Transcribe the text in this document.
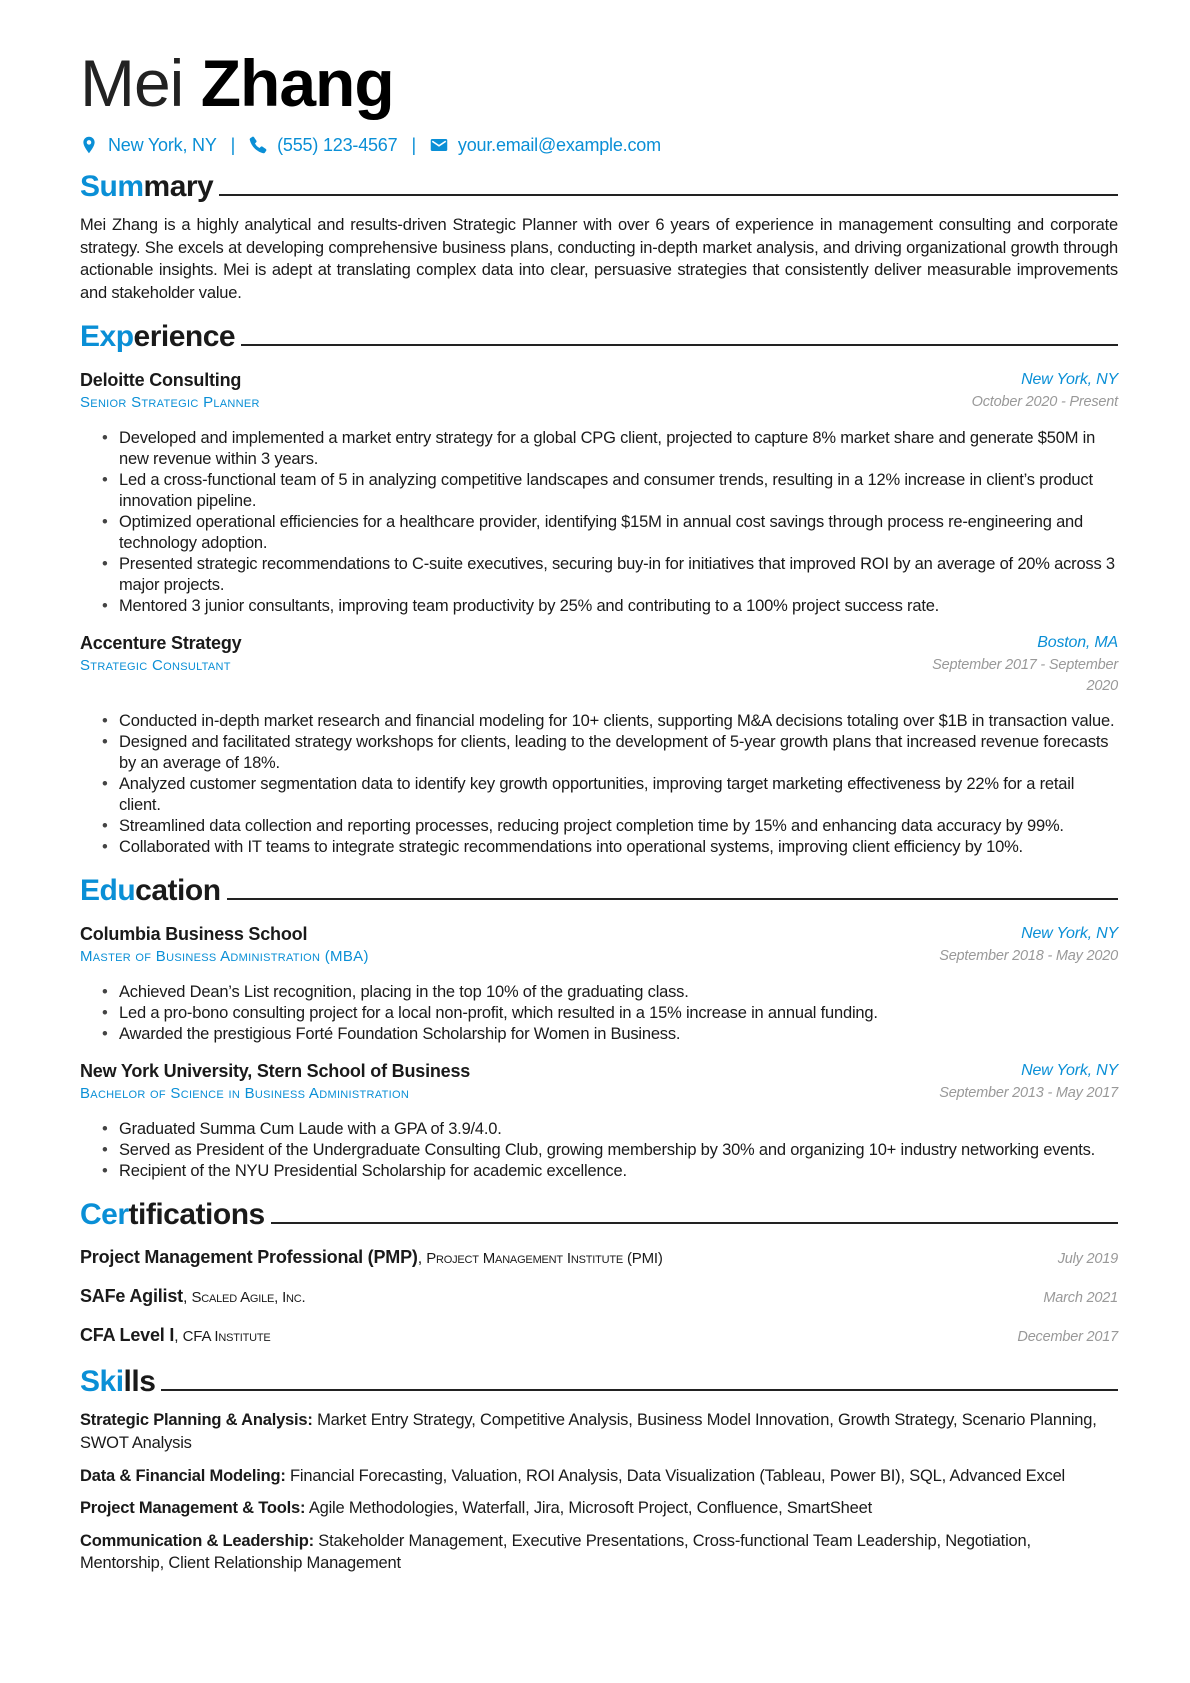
Mei Zhang
New York, NY | (555) 123-4567 | your.email@example.com
Summary

Mei Zhang is a highly analytical and results-driven Strategic Planner with over 6 years of experience in management consulting and corporate strategy. She excels at developing comprehensive business plans, conducting in-depth market analysis, and driving organizational growth through actionable insights. Mei is adept at translating complex data into clear, persuasive strategies that consistently deliver measurable improvements and stakeholder value.

Experience
Deloitte Consulting	New York, NY
Senior Strategic Planner	October 2020 - Present
• Developed and implemented a market entry strategy for a global CPG client, projected to capture 8% market share and generate $50M in new revenue within 3 years.
• Led a cross-functional team of 5 in analyzing competitive landscapes and consumer trends, resulting in a 12% increase in client’s product innovation pipeline.
• Optimized operational efficiencies for a healthcare provider, identifying $15M in annual cost savings through process re-engineering and technology adoption.
• Presented strategic recommendations to C-suite executives, securing buy-in for initiatives that improved ROI by an average of 20% across 3 major projects.
• Mentored 3 junior consultants, improving team productivity by 25% and contributing to a 100% project success rate.
Accenture Strategy	Boston, MA
Strategic Consultant	September 2017 - September 2020
• Conducted in-depth market research and financial modeling for 10+ clients, supporting M&A decisions totaling over $1B in transaction value.
• Designed and facilitated strategy workshops for clients, leading to the development of 5-year growth plans that increased revenue forecasts by an average of 18%.
• Analyzed customer segmentation data to identify key growth opportunities, improving target marketing effectiveness by 22% for a retail client.
• Streamlined data collection and reporting processes, reducing project completion time by 15% and enhancing data accuracy by 99%.
• Collaborated with IT teams to integrate strategic recommendations into operational systems, improving client efficiency by 10%.
Education
Columbia Business School	New York, NY
Master of Business Administration (MBA)	September 2018 - May 2020
• Achieved Dean’s List recognition, placing in the top 10% of the graduating class.
• Led a pro-bono consulting project for a local non-profit, which resulted in a 15% increase in annual funding.
• Awarded the prestigious Forté Foundation Scholarship for Women in Business.
New York University, Stern School of Business	New York, NY
Bachelor of Science in Business Administration	September 2013 - May 2017
• Graduated Summa Cum Laude with a GPA of 3.9/4.0.
• Served as President of the Undergraduate Consulting Club, growing membership by 30% and organizing 10+ industry networking events.
• Recipient of the NYU Presidential Scholarship for academic excellence.
Certifications
Project Management Professional (PMP), Project Management Institute (PMI)	July 2019
SAFe Agilist, Scaled Agile, Inc.	March 2021
CFA Level I, CFA Institute	December 2017
Skills
Strategic Planning & Analysis: Market Entry Strategy, Competitive Analysis, Business Model Innovation, Growth Strategy, Scenario Planning, SWOT Analysis
Data & Financial Modeling: Financial Forecasting, Valuation, ROI Analysis, Data Visualization (Tableau, Power BI), SQL, Advanced Excel
Project Management & Tools: Agile Methodologies, Waterfall, Jira, Microsoft Project, Confluence, SmartSheet
Communication & Leadership: Stakeholder Management, Executive Presentations, Cross-functional Team Leadership, Negotiation, Mentorship, Client Relationship Management
